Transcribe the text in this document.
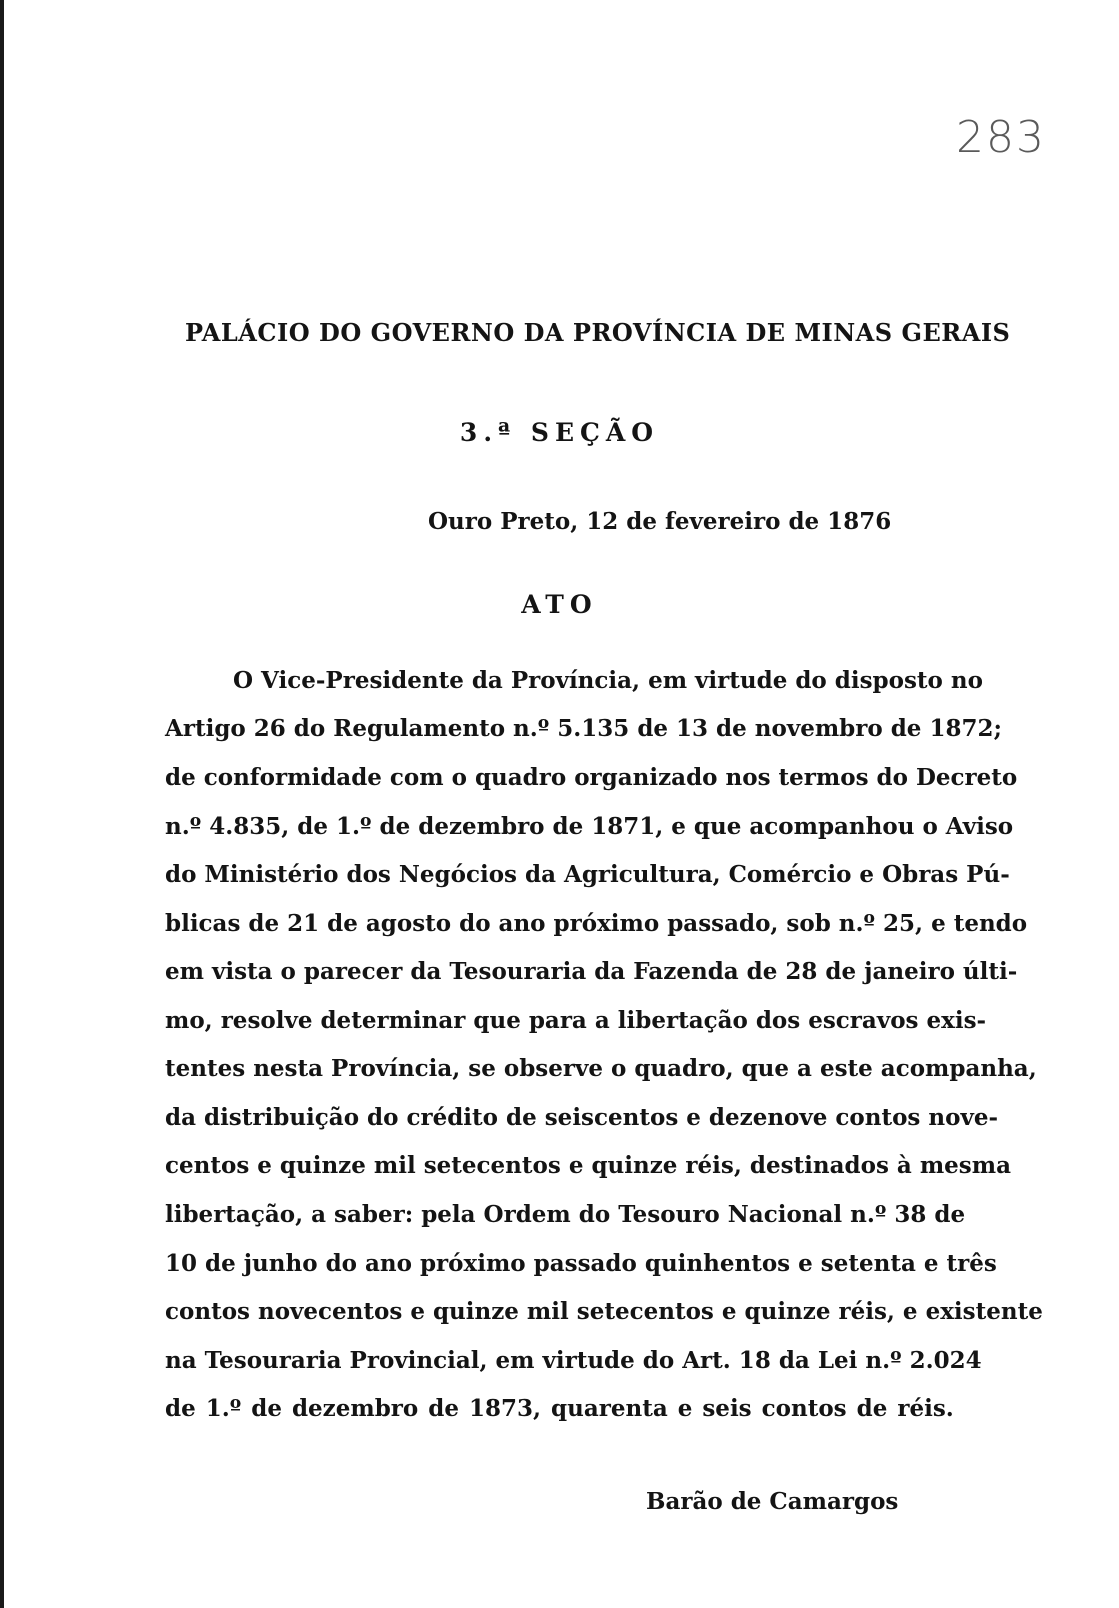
283
PALÁCIO DO GOVERNO DA PROVÍNCIA DE MINAS GERAIS
3.ª SEÇÃO
Ouro Preto, 12 de fevereiro de 1876
ATO
O Vice-Presidente da Província, em virtude do disposto no
Artigo 26 do Regulamento n.º 5.135 de 13 de novembro de 1872;
de conformidade com o quadro organizado nos termos do Decreto
n.º 4.835, de 1.º de dezembro de 1871, e que acompanhou o Aviso
do Ministério dos Negócios da Agricultura, Comércio e Obras Pú-
blicas de 21 de agosto do ano próximo passado, sob n.º 25, e tendo
em vista o parecer da Tesouraria da Fazenda de 28 de janeiro últi-
mo, resolve determinar que para a libertação dos escravos exis-
tentes nesta Província, se observe o quadro, que a este acompanha,
da distribuição do crédito de seiscentos e dezenove contos nove-
centos e quinze mil setecentos e quinze réis, destinados à mesma
libertação, a saber: pela Ordem do Tesouro Nacional n.º 38 de
10 de junho do ano próximo passado quinhentos e setenta e três
contos novecentos e quinze mil setecentos e quinze réis, e existente
na Tesouraria Provincial, em virtude do Art. 18 da Lei n.º 2.024
de 1.º de dezembro de 1873, quarenta e seis contos de réis.
Barão de Camargos
